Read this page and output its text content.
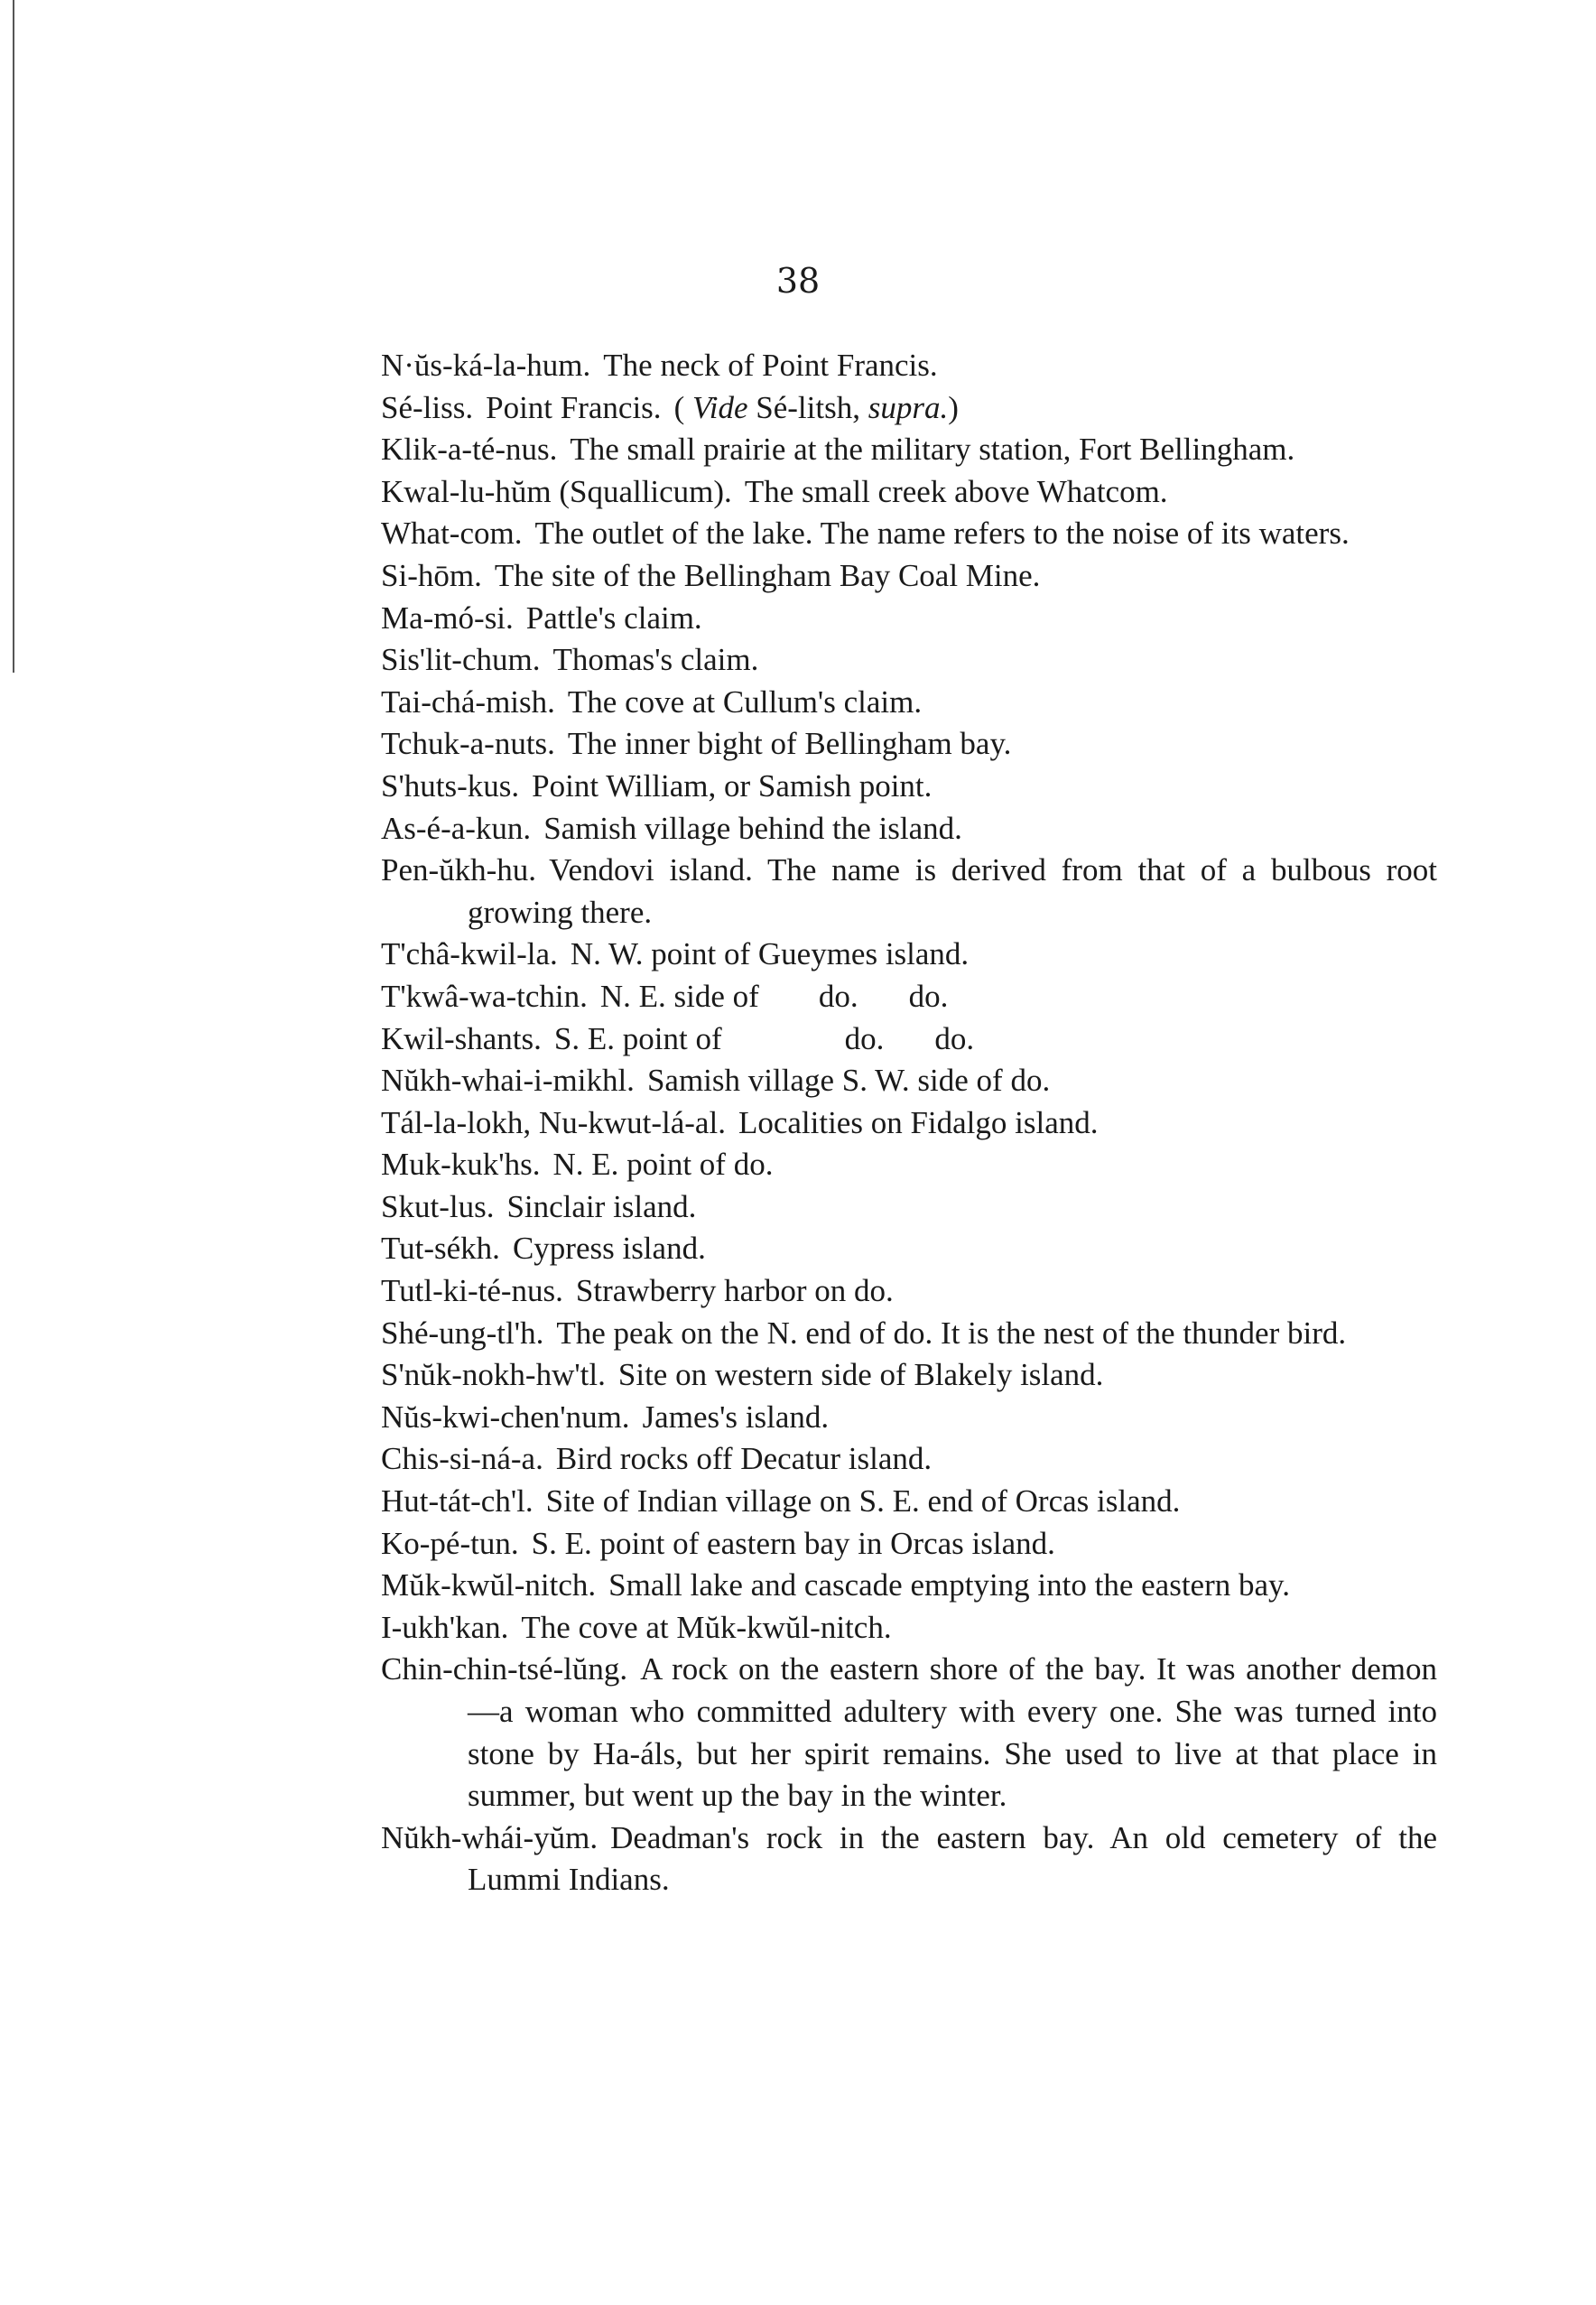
38

N·ŭs-ká-la-hum. The neck of Point Francis.

Sé-liss. Point Francis. ( Vide Sé-litsh, supra.)

Klik-a-té-nus. The small prairie at the military station, Fort Bellingham.

Kwal-lu-hŭm (Squallicum). The small creek above Whatcom.

What-com. The outlet of the lake. The name refers to the noise of its waters.

Si-hōm. The site of the Bellingham Bay Coal Mine.

Ma-mó-si. Pattle's claim.

Sis'lit-chum. Thomas's claim.

Tai-chá-mish. The cove at Cullum's claim.

Tchuk-a-nuts. The inner bight of Bellingham bay.

S'huts-kus. Point William, or Samish point.

As-é-a-kun. Samish village behind the island.

Pen-ŭkh-hu. Vendovi island. The name is derived from that of a bulbous root growing there.

T'châ-kwil-la. N. W. point of Gueymes island.

T'kwâ-wa-tchin. N. E. side of do. do.

Kwil-shants. S. E. point of	do. do.

Nŭkh-whai-i-mikhl. Samish village S. W. side of do.

Tál-la-lokh, Nu-kwut-lá-al. Localities on Fidalgo island.

Muk-kuk'hs. N. E. point of do.

Skut-lus. Sinclair island.

Tut-sékh. Cypress island.

Tutl-ki-té-nus. Strawberry harbor on do.

Shé-ung-tl'h. The peak on the N. end of do. It is the nest of the thunder bird.

S'nŭk-nokh-hw'tl. Site on western side of Blakely island.

Nŭs-kwi-chen'num. James's island.

Chis-si-ná-a. Bird rocks off Decatur island.

Hut-tát-ch'l. Site of Indian village on S. E. end of Orcas island.

Ko-pé-tun. S. E. point of eastern bay in Orcas island.

Mŭk-kwŭl-nitch. Small lake and cascade emptying into the eastern bay.

I-ukh'kan. The cove at Mŭk-kwŭl-nitch.

Chin-chin-tsé-lŭng. A rock on the eastern shore of the bay. It was another demon—a woman who committed adultery with every one. She was turned into stone by Ha-áls, but her spirit remains. She used to live at that place in summer, but went up the bay in the winter.

Nŭkh-whái-yŭm. Deadman's rock in the eastern bay. An old cemetery of the Lummi Indians.
